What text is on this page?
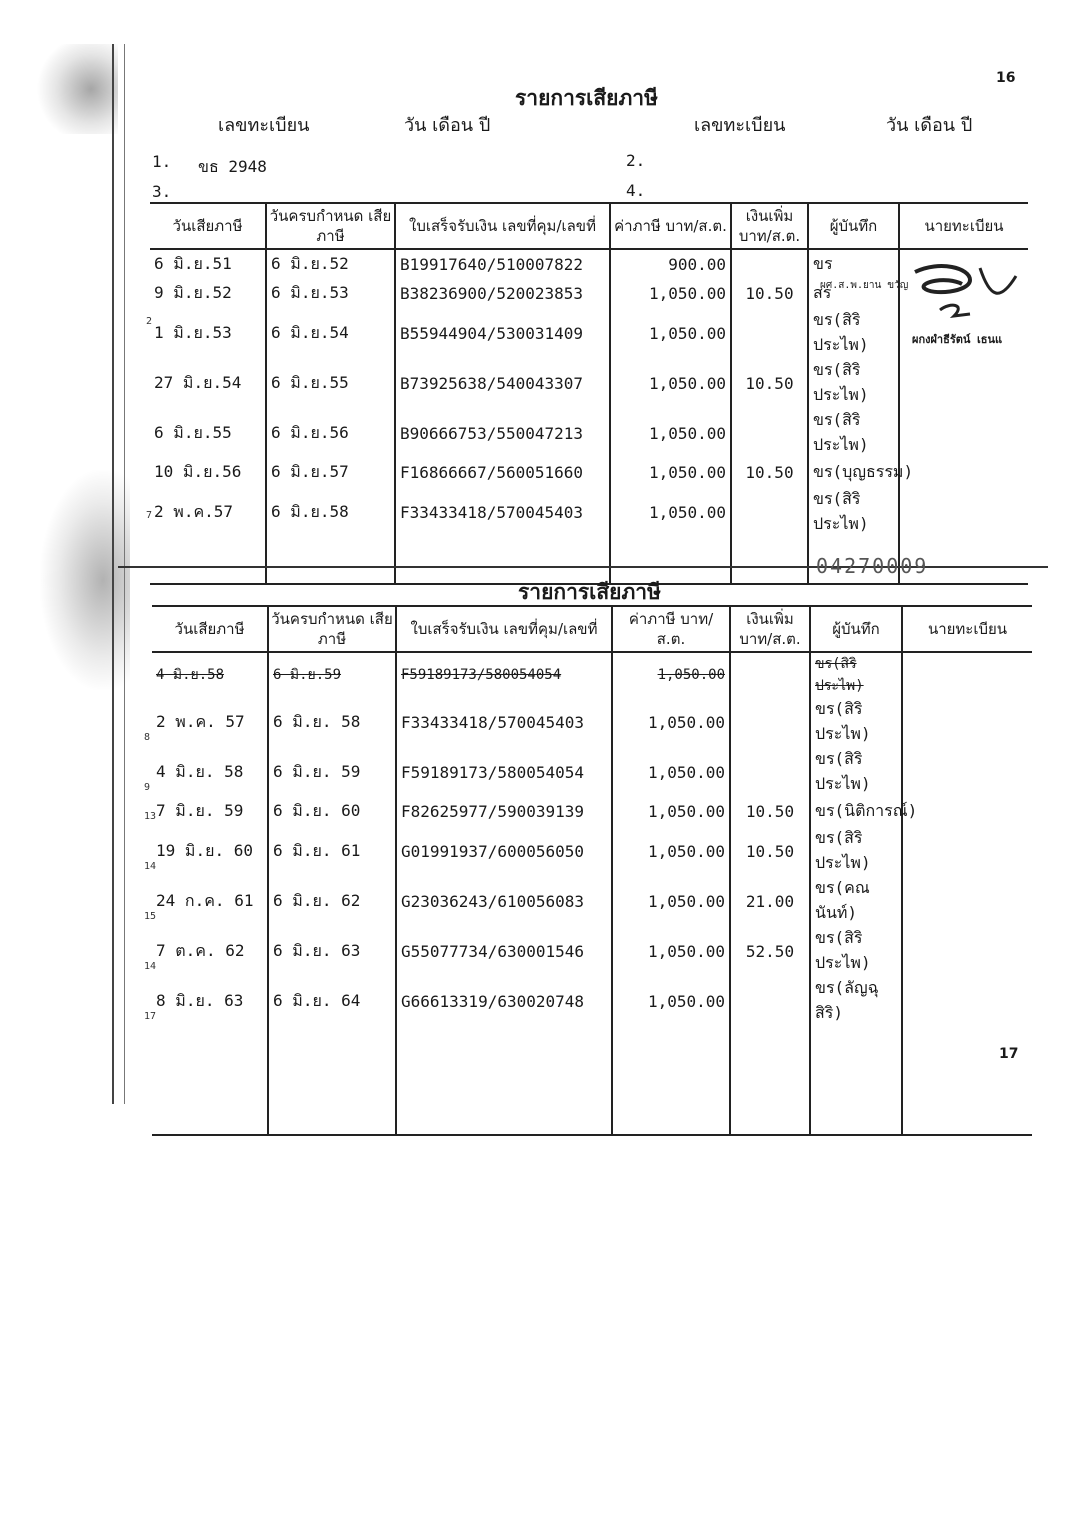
16
รายการเสียภาษี
เลขทะเบียน	วัน เดือน ปี	เลขทะเบียน	วัน เดือน ปี
1. ขธ 2948	2.
3.	4.
วันเสียภาษี	วันครบกำหนด เสียภาษี	ใบเสร็จรับเงิน เลขที่คุม/เลขที่	ค่าภาษี บาท/ส.ต.	เงินเพิ่ม บาท/ส.ต.	ผู้บันทึก	นายทะเบียน
6 มิ.ย.51	6 มิ.ย.52	B19917640/510007822	900.00		ขร	
9 มิ.ย.52	6 มิ.ย.53	B38236900/520023853	1,050.00	10.50	สร	
1 มิ.ย.53	6 มิ.ย.54	B55944904/530031409	1,050.00		ขร(สิริประไพ)	
27 มิ.ย.54	6 มิ.ย.55	B73925638/540043307	1,050.00	10.50	ขร(สิริประไพ)	
6 มิ.ย.55	6 มิ.ย.56	B90666753/550047213	1,050.00		ขร(สิริประไพ)	
10 มิ.ย.56	6 มิ.ย.57	F16866667/560051660	1,050.00	10.50	ขร(บุญธรรม)	
2 พ.ค.57	6 มิ.ย.58	F33433418/570045403	1,050.00		ขร(สิริประไพ)	

ผศ.ส.พ.ยาน ขวัญ
ผกงผำธีรัตน์ เธนแ
2
7
04270009
รายการเสียภาษี
วันเสียภาษี	วันครบกำหนด เสียภาษี	ใบเสร็จรับเงิน เลขที่คุม/เลขที่	ค่าภาษี บาท/ส.ต.	เงินเพิ่ม บาท/ส.ต.	ผู้บันทึก	นายทะเบียน
4 มิ.ย.58	6 มิ.ย.59	F59189173/580054054	1,050.00		ขร(สิริประไพ)	
2 พ.ค. 57	6 มิ.ย. 58	F33433418/570045403	1,050.00		ขร(สิริประไพ)	
4 มิ.ย. 58	6 มิ.ย. 59	F59189173/580054054	1,050.00		ขร(สิริประไพ)	
7 มิ.ย. 59	6 มิ.ย. 60	F82625977/590039139	1,050.00	10.50	ขร(นิติการณ์)	
19 มิ.ย. 60	6 มิ.ย. 61	G01991937/600056050	1,050.00	10.50	ขร(สิริประไพ)	
24 ก.ค. 61	6 มิ.ย. 62	G23036243/610056083	1,050.00	21.00	ขร(คณนันท์)	
7 ต.ค. 62	6 มิ.ย. 63	G55077734/630001546	1,050.00	52.50	ขร(สิริประไพ)	
8 มิ.ย. 63	6 มิ.ย. 64	G66613319/630020748	1,050.00		ขร(ลัญฉุสิริ)	

17
8
9
13
14
15
14
17
